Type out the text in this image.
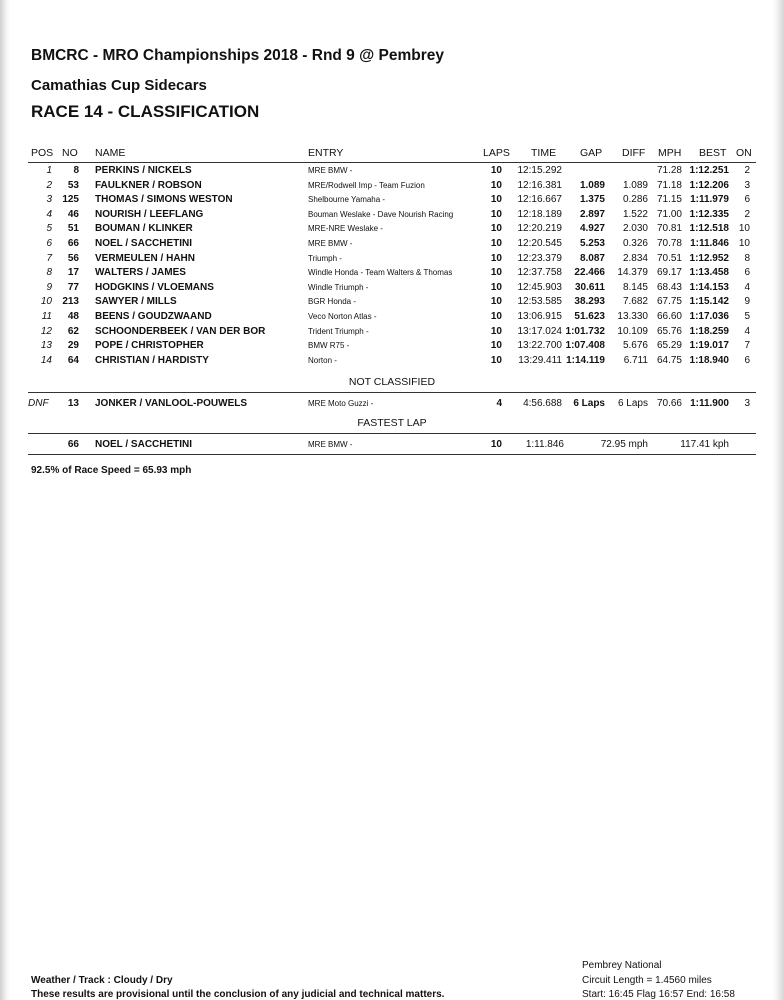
BMCRC - MRO Championships 2018 - Rnd 9 @ Pembrey
Camathias Cup Sidecars
RACE 14 - CLASSIFICATION
POS NO NAME	ENTRY	LAPS TIME GAP DIFF MPH BEST ON
1	8 PERKINS / NICKELS	MRE BMW -	10 12:15.292	71.28 1:12.251	2
2	53 FAULKNER / ROBSON	MRE/Rodwell Imp - Team Fuzion	10 12:16.381	1.089	1.089 71.18 1:12.206	3
3	125 THOMAS / SIMONS WESTON	Shelbourne Yamaha -	10 12:16.667	1.375	0.286 71.15 1:11.979	6
4	46 NOURISH / LEEFLANG	Bouman Weslake - Dave Nourish Racing	10 12:18.189	2.897	1.522 71.00 1:12.335	2
5	51 BOUMAN / KLINKER	MRE-NRE Weslake -	10 12:20.219	4.927	2.030 70.81 1:12.518 10
6	66 NOEL / SACCHETINI	MRE BMW -	10 12:20.545	5.253	0.326 70.78 1:11.846 10
7	56 VERMEULEN / HAHN	Triumph -	10 12:23.379	8.087	2.834 70.51 1:12.952	8
8	17 WALTERS / JAMES	Windle Honda - Team Walters & Thomas	10 12:37.758	22.466	14.379 69.17 1:13.458	6
9	77 HODGKINS / VLOEMANS	Windle Triumph -	10 12:45.903	30.611	8.145 68.43 1:14.153	4
10	213 SAWYER / MILLS	BGR Honda -	10 12:53.585	38.293	7.682 67.75 1:15.142	9
11	48 BEENS / GOUDZWAAND	Veco Norton Atlas -	10 13:06.915	51.623	13.330 66.60 1:17.036	5
12	62 SCHOONDERBEEK / VAN DER BOR	Trident Triumph -	10 13:17.024 1:01.732	10.109 65.76 1:18.259	4
13	29 POPE / CHRISTOPHER	BMW R75 -	10 13:22.700 1:07.408	5.676 65.29 1:19.017	7
14	64 CHRISTIAN / HARDISTY	Norton -	10 13:29.411 1:14.119	6.711 64.75 1:18.940	6
NOT CLASSIFIED
DNF	13 JONKER / VANLOOL-POUWELS	MRE Moto Guzzi -	4	4:56.688	6 Laps	6 Laps 70.66 1:11.900	3
FASTEST LAP
66 NOEL / SACCHETINI	MRE BMW -	10	1:11.846	72.95 mph	117.41 kph
92.5% of Race Speed = 65.93 mph
Weather / Track : Cloudy / Dry
These results are provisional until the conclusion of any judicial and technical matters.
Pembrey National
Circuit Length = 1.4560 miles
Start: 16:45 Flag 16:57 End: 16:58
